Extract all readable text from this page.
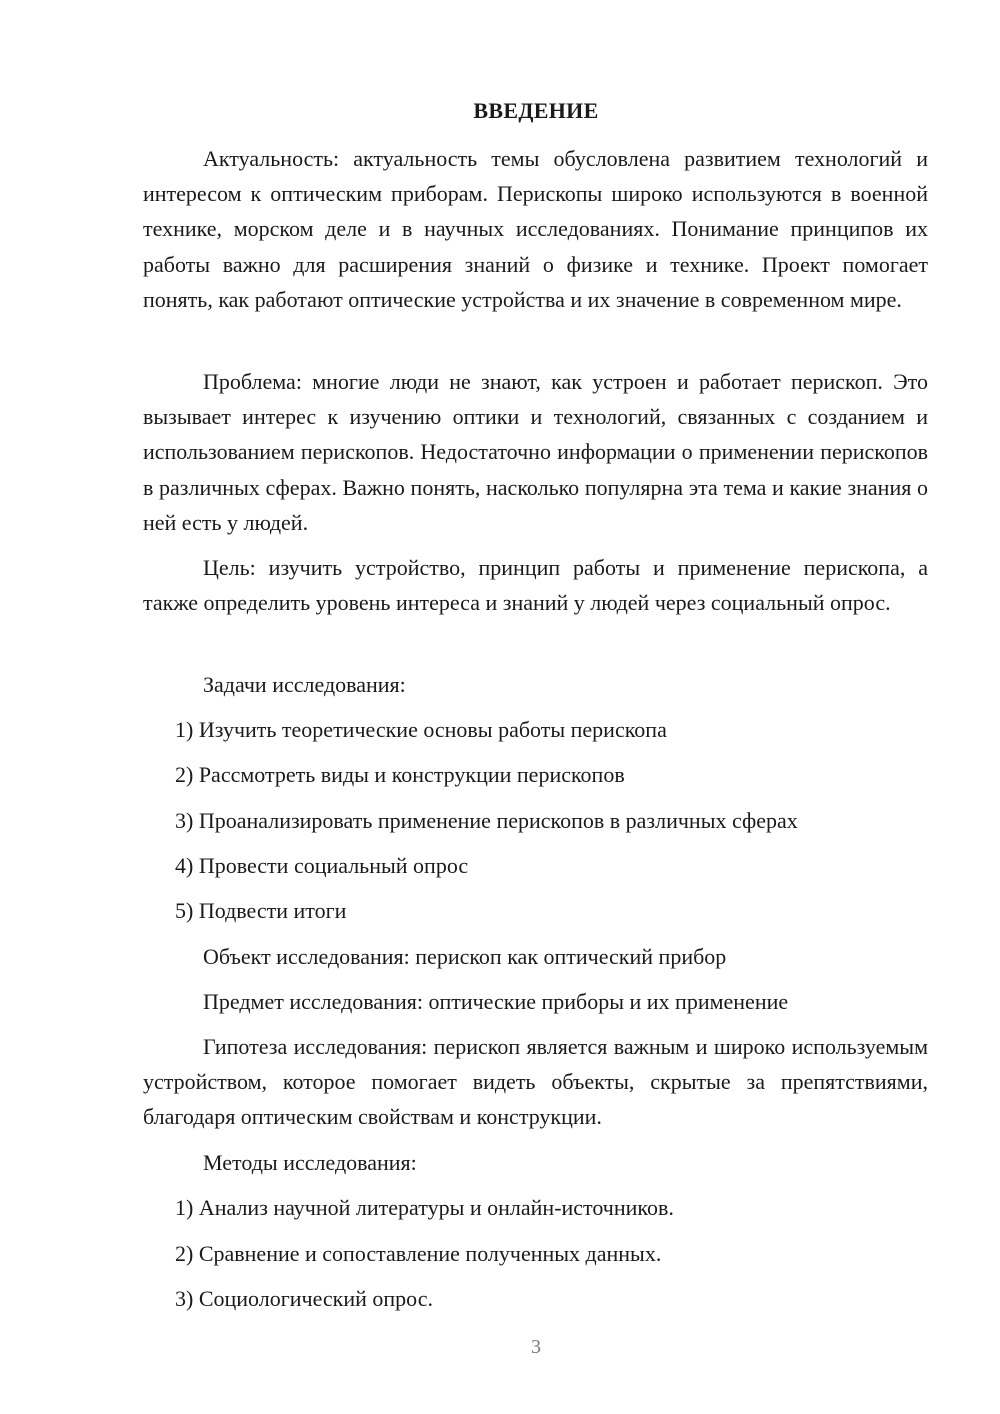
ВВЕДЕНИЕ

Актуальность: актуальность темы обусловлена развитием технологий и интересом к оптическим приборам. Перископы широко используются в военной технике, морском деле и в научных исследованиях. Понимание принципов их работы важно для расширения знаний о физике и технике. Проект помогает понять, как работают оптические устройства и их значение в современном мире.

Проблема: многие люди не знают, как устроен и работает перископ. Это вызывает интерес к изучению оптики и технологий, связанных с созданием и использованием перископов. Недостаточно информации о применении перископов в различных сферах. Важно понять, насколько популярна эта тема и какие знания о ней есть у людей.

Цель: изучить устройство, принцип работы и применение перископа, а также определить уровень интереса и знаний у людей через социальный опрос.

Задачи исследования:

1) Изучить теоретические основы работы перископа

2) Рассмотреть виды и конструкции перископов

3) Проанализировать применение перископов в различных сферах

4) Провести социальный опрос

5) Подвести итоги

Объект исследования: перископ как оптический прибор

Предмет исследования: оптические приборы и их применение

Гипотеза исследования: перископ является важным и широко используемым устройством, которое помогает видеть объекты, скрытые за препятствиями, благодаря оптическим свойствам и конструкции.

Методы исследования:

1) Анализ научной литературы и онлайн-источников.

2) Сравнение и сопоставление полученных данных.

3) Социологический опрос.

3
